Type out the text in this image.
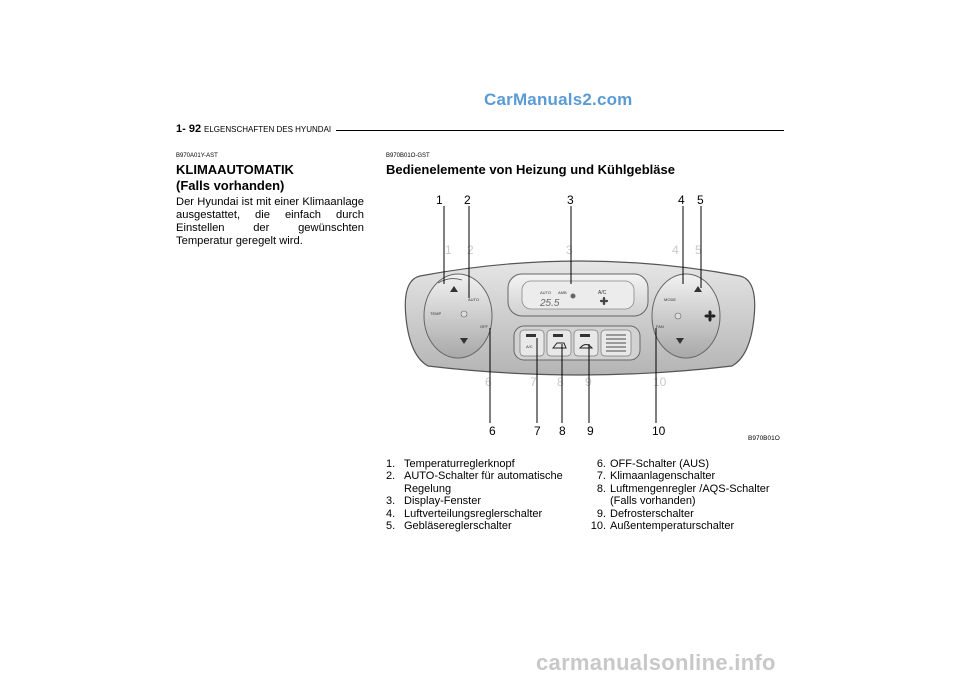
CarManuals2.com
carmanualsonline.info
1- 92 ELGENSCHAFTEN DES HYUNDAI
B970A01Y-AST
KLIMAAUTOMATIK
(Falls vorhanden)
Der Hyundai ist mit einer Klimaanlage ausgestattet, die einfach durch Einstellen der gewünschten Temperatur geregelt wird.
B970B01O-GST
Bedienelemente von Heizung und Kühlgebläse
1 2	3	4 5
6	7 8 9	10
TEMP
AUTO
OFF
MODE
FAN
AUTO AMB	A/C
25.5
A/C
1 2	3	4 5
6	7 8 9	10
B970B01O
1. Temperaturreglerknopf
2. AUTO-Schalter für automatische Regelung
3. Display-Fenster
4. Luftverteilungsreglerschalter
5. Gebläsereglerschalter
6. OFF-Schalter (AUS)
7. Klimaanlagenschalter
8. Luftmengenregler /AQS-Schalter (Falls vorhanden)
9. Defrosterschalter
10. Außentemperaturschalter
